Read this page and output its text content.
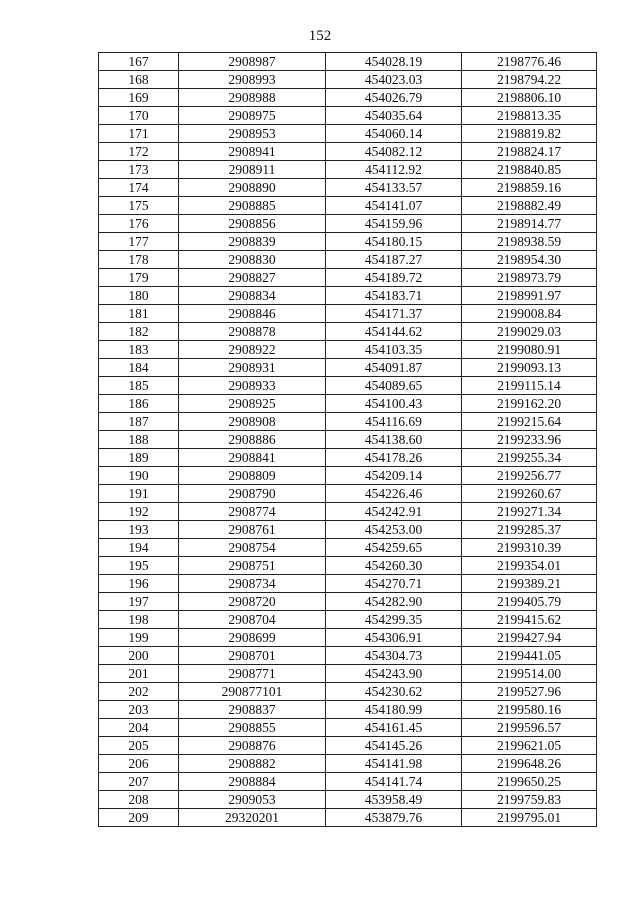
152
167	2908987	454028.19	2198776.46
168	2908993	454023.03	2198794.22
169	2908988	454026.79	2198806.10
170	2908975	454035.64	2198813.35
171	2908953	454060.14	2198819.82
172	2908941	454082.12	2198824.17
173	2908911	454112.92	2198840.85
174	2908890	454133.57	2198859.16
175	2908885	454141.07	2198882.49
176	2908856	454159.96	2198914.77
177	2908839	454180.15	2198938.59
178	2908830	454187.27	2198954.30
179	2908827	454189.72	2198973.79
180	2908834	454183.71	2198991.97
181	2908846	454171.37	2199008.84
182	2908878	454144.62	2199029.03
183	2908922	454103.35	2199080.91
184	2908931	454091.87	2199093.13
185	2908933	454089.65	2199115.14
186	2908925	454100.43	2199162.20
187	2908908	454116.69	2199215.64
188	2908886	454138.60	2199233.96
189	2908841	454178.26	2199255.34
190	2908809	454209.14	2199256.77
191	2908790	454226.46	2199260.67
192	2908774	454242.91	2199271.34
193	2908761	454253.00	2199285.37
194	2908754	454259.65	2199310.39
195	2908751	454260.30	2199354.01
196	2908734	454270.71	2199389.21
197	2908720	454282.90	2199405.79
198	2908704	454299.35	2199415.62
199	2908699	454306.91	2199427.94
200	2908701	454304.73	2199441.05
201	2908771	454243.90	2199514.00
202	290877101	454230.62	2199527.96
203	2908837	454180.99	2199580.16
204	2908855	454161.45	2199596.57
205	2908876	454145.26	2199621.05
206	2908882	454141.98	2199648.26
207	2908884	454141.74	2199650.25
208	2909053	453958.49	2199759.83
209	29320201	453879.76	2199795.01
